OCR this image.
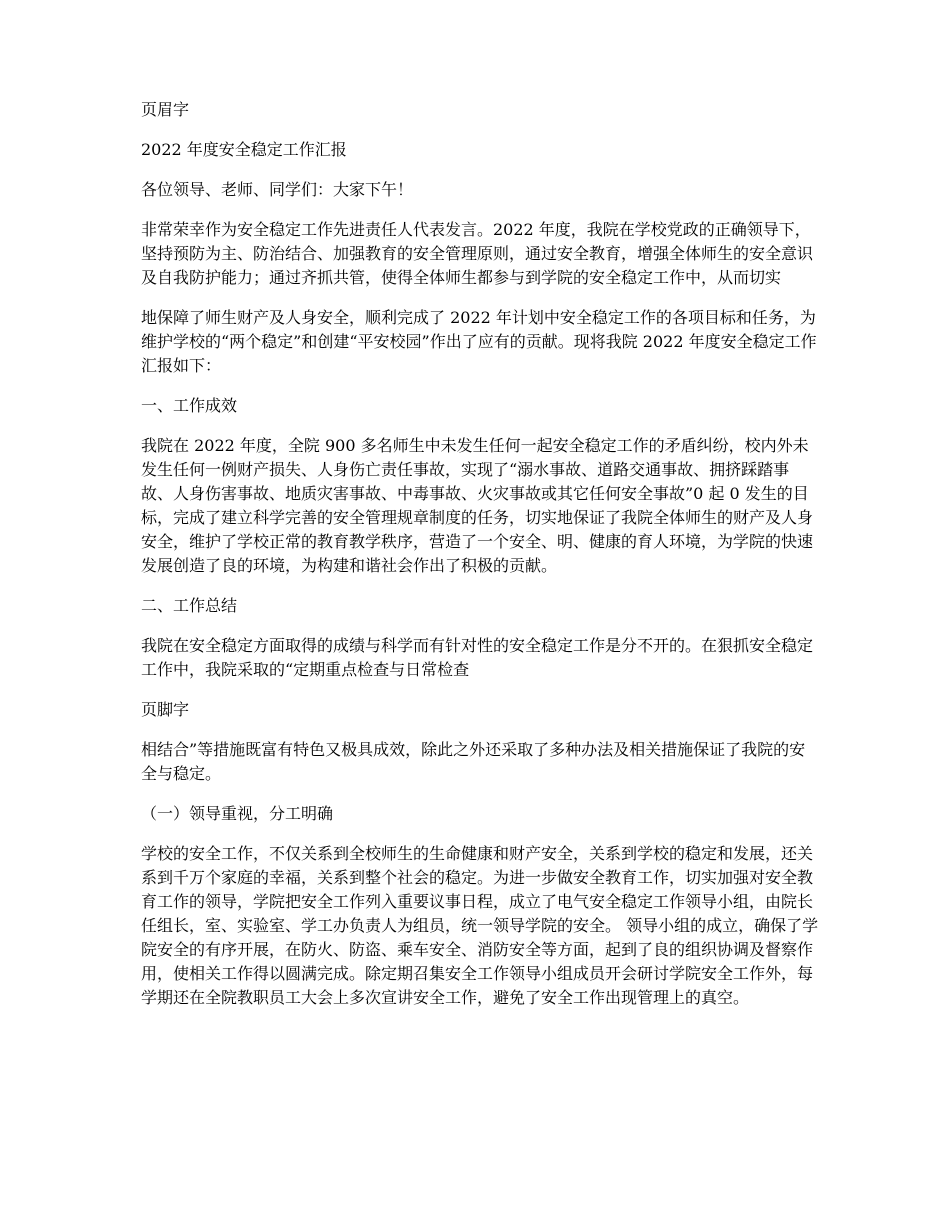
页眉字

2022 年度安全稳定工作汇报

各位领导、老师、同学们：大家下午！

非常荣幸作为安全稳定工作先进责任人代表发言。2022 年度，我院在学校党政的正确领导下，坚持预防为主、防治结合、加强教育的安全管理原则，通过安全教育，增强全体师生的安全意识及自我防护能力；通过齐抓共管，使得全体师生都参与到学院的安全稳定工作中，从而切实

地保障了师生财产及人身安全，顺利完成了 2022 年计划中安全稳定工作的各项目标和任务，为维护学校的“两个稳定”和创建“平安校园”作出了应有的贡献。现将我院 2022 年度安全稳定工作汇报如下：

一、工作成效

我院在 2022 年度，全院 900 多名师生中未发生任何一起安全稳定工作的矛盾纠纷，校内外未发生任何一例财产损失、人身伤亡责任事故，实现了“溺水事故、道路交通事故、拥挤踩踏事故、人身伤害事故、地质灾害事故、中毒事故、火灾事故或其它任何安全事故”0 起 0 发生的目标，完成了建立科学完善的安全管理规章制度的任务，切实地保证了我院全体师生的财产及人身安全，维护了学校正常的教育教学秩序，营造了一个安全、明、健康的育人环境，为学院的快速发展创造了良的环境，为构建和谐社会作出了积极的贡献。

二、工作总结

我院在安全稳定方面取得的成绩与科学而有针对性的安全稳定工作是分不开的。在狠抓安全稳定工作中，我院采取的“定期重点检查与日常检查

页脚字

相结合”等措施既富有特色又极具成效，除此之外还采取了多种办法及相关措施保证了我院的安全与稳定。

（一）领导重视，分工明确

学校的安全工作，不仅关系到全校师生的生命健康和财产安全，关系到学校的稳定和发展，还关系到千万个家庭的幸福，关系到整个社会的稳定。为进一步做安全教育工作，切实加强对安全教育工作的领导，学院把安全工作列入重要议事日程，成立了电气安全稳定工作领导小组，由院长任组长，室、实验室、学工办负责人为组员，统一领导学院的安全。 领导小组的成立，确保了学院安全的有序开展，在防火、防盗、乘车安全、消防安全等方面，起到了良的组织协调及督察作用，使相关工作得以圆满完成。除定期召集安全工作领导小组成员开会研讨学院安全工作外，每学期还在全院教职员工大会上多次宣讲安全工作，避免了安全工作出现管理上的真空。
